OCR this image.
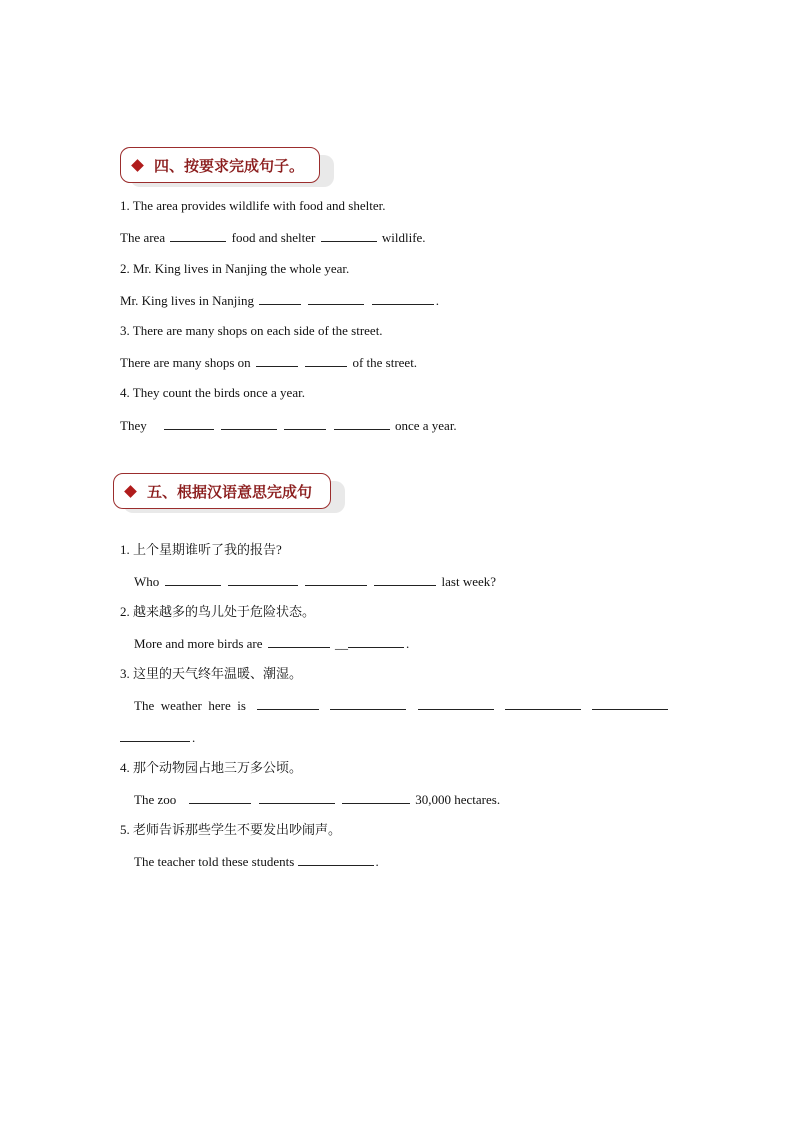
四、按要求完成句子。
1. The area provides wildlife with food and shelter.
The area	food and shelter	wildlife.
2. Mr. King lives in Nanjing the whole year.
Mr. King lives in Nanjing	.
3. There are many shops on each side of the street.
There are many shops on	of the street.
4. They count the birds once a year.
They	once a year.
五、根据汉语意思完成句
1. 上个星期谁听了我的报告?
Who	last week?
2. 越来越多的鸟儿处于危险状态。
More and more birds are	__	.
3. 这里的天气终年温暖、潮湿。
The  weather  here  is
.
4. 那个动物园占地三万多公顷。
The zoo	30,000 hectares.
5. 老师告诉那些学生不要发出吵闹声。
The teacher told these students	.
